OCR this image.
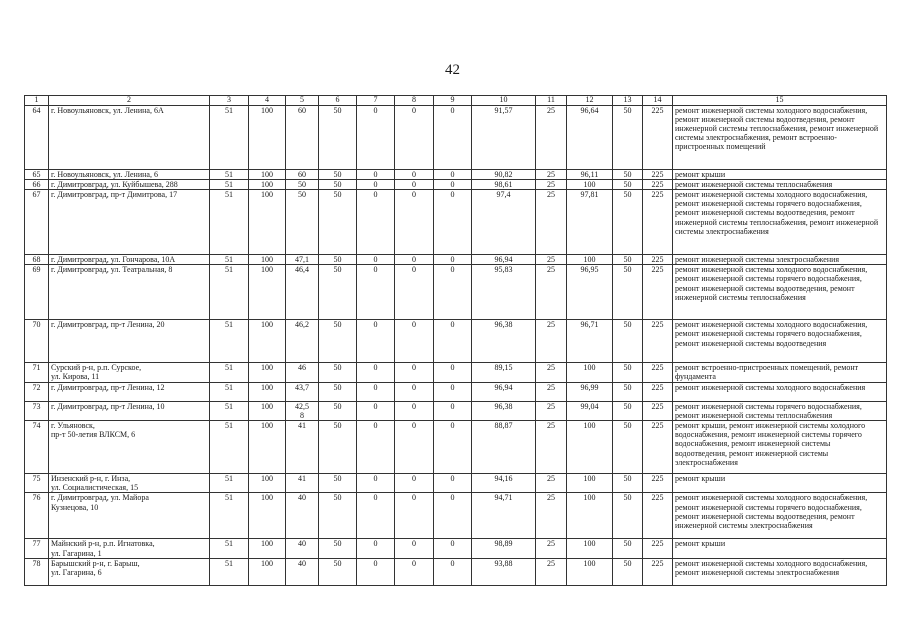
42
1	2	3	4	5	6	7	8	9	10	11	12	13	14	15
64	г. Новоульяновск, ул. Ленина, 6А	51	100	60	50	0	0	0	91,57	25	96,64	50	225	ремонт инженерной системы холодного водоснабжения, ремонт инженерной системы водоотведения, ремонт инженерной системы теплоснабжения, ремонт инженерной системы электроснабжения, ремонт встроенно-пристроенных помещений
65	г. Новоульяновск, ул. Ленина, 6	51	100	60	50	0	0	0	90,82	25	96,11	50	225	ремонт крыши
66	г. Димитровград, ул. Куйбышева, 288	51	100	50	50	0	0	0	98,61	25	100	50	225	ремонт инженерной системы теплоснабжения
67	г. Димитровград, пр-т Димитрова, 17	51	100	50	50	0	0	0	97,4	25	97,81	50	225	ремонт инженерной системы холодного водоснабжения, ремонт инженерной системы горячего водоснабжения, ремонт инженерной системы водоотведения, ремонт инженерной системы теплоснабжения, ремонт инженерной системы электроснабжения
68	г. Димитровград, ул. Гончарова, 10А	51	100	47,1	50	0	0	0	96,94	25	100	50	225	ремонт инженерной системы электроснабжения
69	г. Димитровград, ул. Театральная, 8	51	100	46,4	50	0	0	0	95,83	25	96,95	50	225	ремонт инженерной системы холодного водоснабжения, ремонт инженерной системы горячего водоснабжения, ремонт инженерной системы водоотведения, ремонт инженерной системы теплоснабжения
70	г. Димитровград, пр-т Ленина, 20	51	100	46,2	50	0	0	0	96,38	25	96,71	50	225	ремонт инженерной системы холодного водоснабжения, ремонт инженерной системы горячего водоснабжения, ремонт инженерной системы водоотведения
71	Сурский р-н, р.п. Сурское,
ул. Кирова, 11	51	100	46	50	0	0	0	89,15	25	100	50	225	ремонт встроенно-пристроенных помещений, ремонт фундамента
72	г. Димитровград, пр-т Ленина, 12	51	100	43,7	50	0	0	0	96,94	25	96,99	50	225	ремонт инженерной системы холодного водоснабжения
73	г. Димитровград, пр-т Ленина, 10	51	100	42,5
8	50	0	0	0	96,38	25	99,04	50	225	ремонт инженерной системы горячего водоснабжения, ремонт инженерной системы теплоснабжения
74	г. Ульяновск,
пр-т 50-летия ВЛКСМ, 6	51	100	41	50	0	0	0	88,87	25	100	50	225	ремонт крыши, ремонт инженерной системы холодного водоснабжения, ремонт инженерной системы горячего водоснабжения, ремонт инженерной системы водоотведения, ремонт инженерной системы электроснабжения
75	Инзенский р-н, г. Инза,
ул. Социалистическая, 15	51	100	41	50	0	0	0	94,16	25	100	50	225	ремонт крыши
76	г. Димитровград, ул. Майора
Кузнецова, 10	51	100	40	50	0	0	0	94,71	25	100	50	225	ремонт инженерной системы холодного водоснабжения, ремонт инженерной системы горячего водоснабжения, ремонт инженерной системы водоотведения, ремонт инженерной системы электроснабжения
77	Майнский р-н, р.п. Игнатовка,
ул. Гагарина, 1	51	100	40	50	0	0	0	98,89	25	100	50	225	ремонт крыши
78	Барышский р-н, г. Барыш,
ул. Гагарина, 6	51	100	40	50	0	0	0	93,88	25	100	50	225	ремонт инженерной системы холодного водоснабжения, ремонт инженерной системы электроснабжения
